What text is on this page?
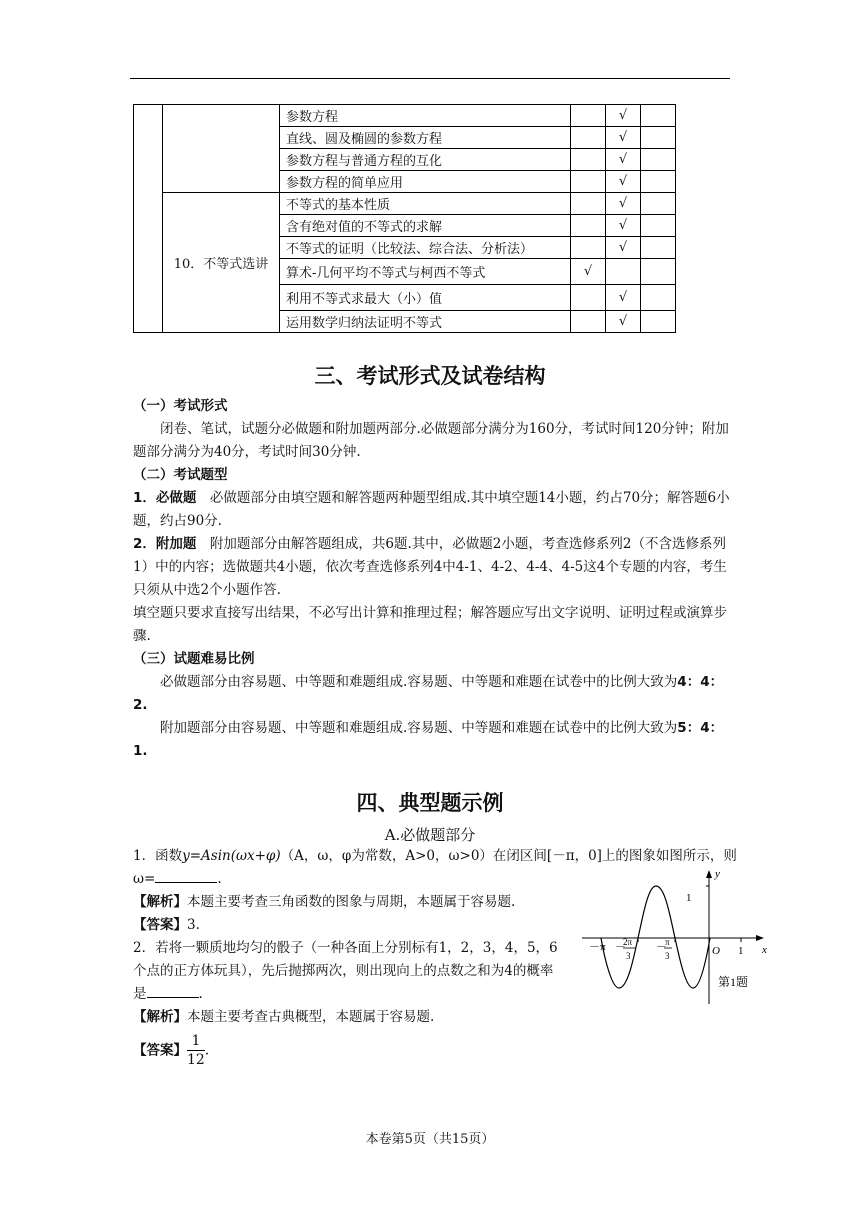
		参数方程		√	
		直线、圆及椭圆的参数方程		√	
		参数方程与普通方程的互化		√	
		参数方程的简单应用		√	
	10．不等式选讲	不等式的基本性质		√	
		含有绝对值的不等式的求解		√	
		不等式的证明（比较法、综合法、分析法）		√	
		算术-几何平均不等式与柯西不等式	√		
		利用不等式求最大（小）值		√	
		运用数学归纳法证明不等式		√	
三、考试形式及试卷结构
（一）考试形式
闭卷、笔试，试题分必做题和附加题两部分.必做题部分满分为160分，考试时间120分钟；附加题部分满分为40分，考试时间30分钟.
（二）考试题型
1．必做题　 必做题部分由填空题和解答题两种题型组成.其中填空题14小题，约占70分；解答题6小题，约占90分.
2．附加题　 附加题部分由解答题组成，共6题.其中，必做题2小题，考查选修系列2（不含选修系列1）中的内容；选做题共4小题，依次考查选修系列4中4-1、4-2、4-4、4-5这4个专题的内容，考生只须从中选2个小题作答.
填空题只要求直接写出结果，不必写出计算和推理过程；解答题应写出文字说明、证明过程或演算步骤.
（三）试题难易比例
必做题部分由容易题、中等题和难题组成.容易题、中等题和难题在试卷中的比例大致为4：4：2.
附加题部分由容易题、中等题和难题组成.容易题、中等题和难题在试卷中的比例大致为5：4：1.
四、典型题示例
A.必做题部分
1．函数y=Asin(ωx+φ)（A，ω，φ为常数，A>0，ω>0）在闭区间[－π，0]上的图象如图所示，则 ω=	.
【解析】本题主要考查三角函数的图象与周期，本题属于容易题.
【答案】3.
2．若将一颗质地均匀的骰子（一种各面上分别标有1，2，3，4，5，6个点的正方体玩具），先后抛掷两次，则出现向上的点数之和为4的概率是	.
【解析】本题主要考查古典概型，本题属于容易题.
【答案】 $\frac{1}{12}$ .
y
x
1
O 1
－π －
2π
3
－
π
3
第1题
本卷第5页（共15页）
